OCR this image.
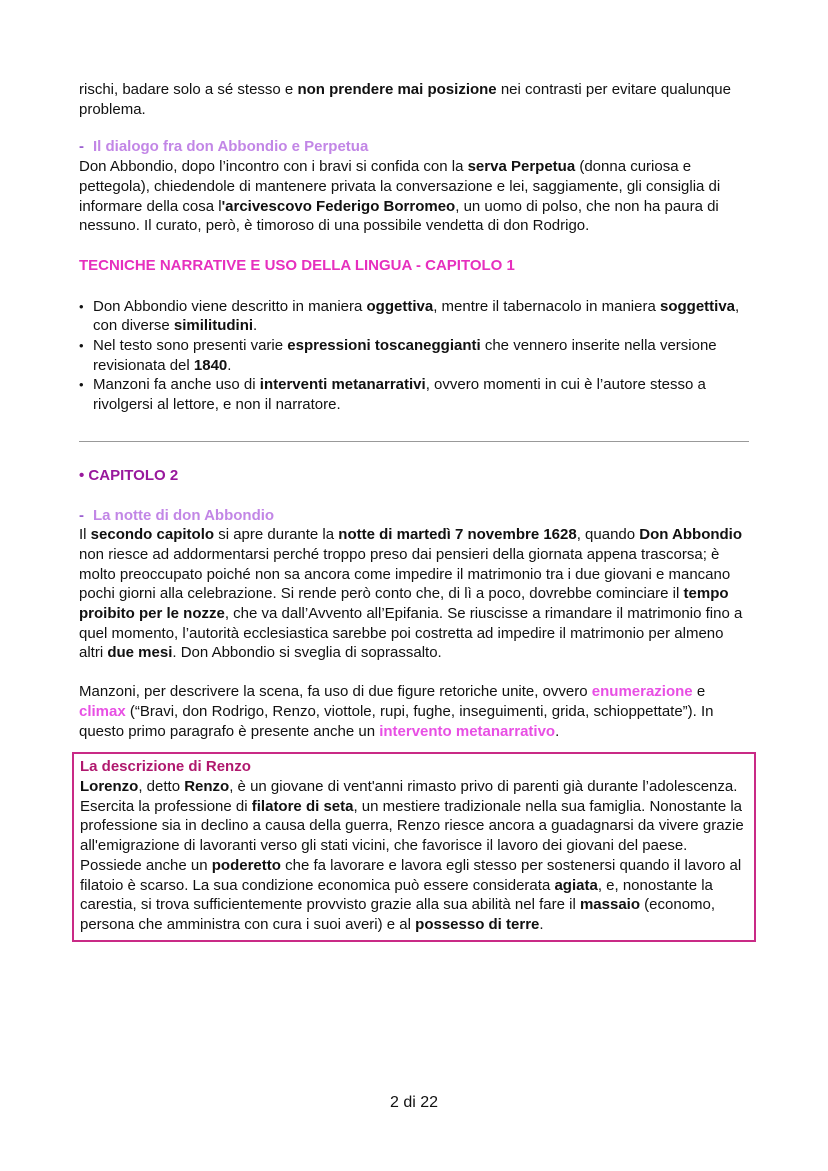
rischi, badare solo a sé stesso e non prendere mai posizione nei contrasti per evitare qualunque problema.

- Il dialogo fra don Abbondio e Perpetua

Don Abbondio, dopo l’incontro con i bravi si confida con la serva Perpetua (donna curiosa e pettegola), chiedendole di mantenere privata la conversazione e lei, saggiamente, gli consiglia di informare della cosa l'arcivescovo Federigo Borromeo, un uomo di polso, che non ha paura di nessuno. Il curato, però, è timoroso di una possibile vendetta di don Rodrigo.

TECNICHE NARRATIVE E USO DELLA LINGUA - CAPITOLO 1

• Don Abbondio viene descritto in maniera oggettiva, mentre il tabernacolo in maniera soggettiva, con diverse similitudini.
• Nel testo sono presenti varie espressioni toscaneggianti che vennero inserite nella versione revisionata del 1840.
• Manzoni fa anche uso di interventi metanarrativi, ovvero momenti in cui è l’autore stesso a rivolgersi al lettore, e non il narratore.

• CAPITOLO 2

- La notte di don Abbondio

Il secondo capitolo si apre durante la notte di martedì 7 novembre 1628, quando Don Abbondio non riesce ad addormentarsi perché troppo preso dai pensieri della giornata appena trascorsa; è molto preoccupato poiché non sa ancora come impedire il matrimonio tra i due giovani e mancano pochi giorni alla celebrazione. Si rende però conto che, di lì a poco, dovrebbe cominciare il tempo proibito per le nozze, che va dall’Avvento all’Epifania. Se riuscisse a rimandare il matrimonio fino a quel momento, l’autorità ecclesiastica sarebbe poi costretta ad impedire il matrimonio per almeno altri due mesi. Don Abbondio si sveglia di soprassalto.

Manzoni, per descrivere la scena, fa uso di due figure retoriche unite, ovvero enumerazione e climax (“Bravi, don Rodrigo, Renzo, viottole, rupi, fughe, inseguimenti, grida, schioppettate”). In questo primo paragrafo è presente anche un intervento metanarrativo.

La descrizione di Renzo

Lorenzo, detto Renzo, è un giovane di vent'anni rimasto privo di parenti già durante l’adolescenza. Esercita la professione di filatore di seta, un mestiere tradizionale nella sua famiglia. Nonostante la professione sia in declino a causa della guerra, Renzo riesce ancora a guadagnarsi da vivere grazie all'emigrazione di lavoranti verso gli stati vicini, che favorisce il lavoro dei giovani del paese. Possiede anche un poderetto che fa lavorare e lavora egli stesso per sostenersi quando il lavoro al filatoio è scarso. La sua condizione economica può essere considerata agiata, e, nonostante la carestia, si trova sufficientemente provvisto grazie alla sua abilità nel fare il massaio (economo, persona che amministra con cura i suoi averi) e al possesso di terre.

2 di 22
